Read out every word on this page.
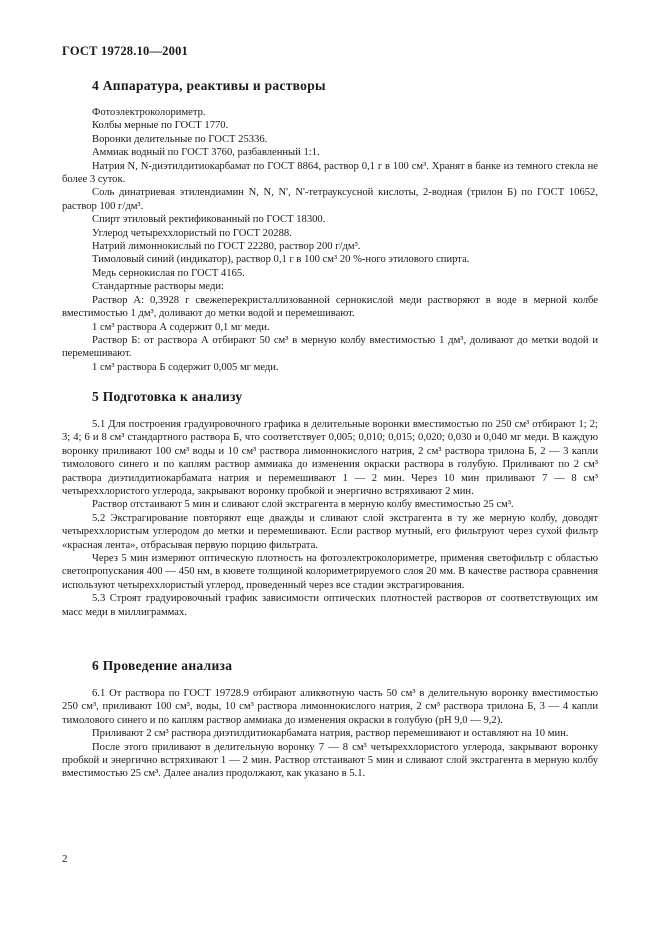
ГОСТ 19728.10—2001
4 Аппаратура, реактивы и растворы

Фотоэлектроколориметр.

Колбы мерные по ГОСТ 1770.

Воронки делительные по ГОСТ 25336.

Аммиак водный по ГОСТ 3760, разбавленный 1:1.

Натрия N, N-диэтилдитиокарбамат по ГОСТ 8864, раствор 0,1 г в 100 см³. Хранят в банке из темного стекла не более 3 суток.

Соль динатриевая этилендиамин N, N, N', N'-тетрауксусной кислоты, 2-водная (трилон Б) по ГОСТ 10652, раствор 100 г/дм³.

Спирт этиловый ректификованный по ГОСТ 18300.

Углерод четыреххлористый по ГОСТ 20288.

Натрий лимоннокислый по ГОСТ 22280, раствор 200 г/дм³.

Тимоловый синий (индикатор), раствор 0,1 г в 100 см³ 20 %-ного этилового спирта.

Медь сернокислая по ГОСТ 4165.

Стандартные растворы меди:

Раствор А: 0,3928 г свежеперекристаллизованной сернокислой меди растворяют в воде в мерной колбе вместимостью 1 дм³, доливают до метки водой и перемешивают.

1 см³ раствора А содержит 0,1 мг меди.

Раствор Б: от раствора А отбирают 50 см³ в мерную колбу вместимостью 1 дм³, доливают до метки водой и перемешивают.

1 см³ раствора Б содержит 0,005 мг меди.

5 Подготовка к анализу

5.1 Для построения градуировочного графика в делительные воронки вместимостью по 250 см³ отбирают 1; 2; 3; 4; 6 и 8 см³ стандартного раствора Б, что соответствует 0,005; 0,010; 0,015; 0,020; 0,030 и 0,040 мг меди. В каждую воронку приливают 100 см³ воды и 10 см³ раствора лимоннокислого натрия, 2 см³ раствора трилона Б, 2 — 3 капли тимолового синего и по каплям раствор аммиака до изменения окраски раствора в голубую. Приливают по 2 см³ раствора диэтилдитиокарбамата натрия и перемешивают 1 — 2 мин. Через 10 мин приливают 7 — 8 см³ четыреххлористого углерода, закрывают воронку пробкой и энергично встряхивают 2 мин.

Раствор отстаивают 5 мин и сливают слой экстрагента в мерную колбу вместимостью 25 см³.

5.2 Экстрагирование повторяют еще дважды и сливают слой экстрагента в ту же мерную колбу, доводят четыреххлористым углеродом до метки и перемешивают. Если раствор мутный, его фильтруют через сухой фильтр «красная лента», отбрасывая первую порцию фильтрата.

Через 5 мин измеряют оптическую плотность на фотоэлектроколориметре, применяя светофильтр с областью светопропускания 400 — 450 нм, в кювете толщиной колориметрируемого слоя 20 мм. В качестве раствора сравнения используют четыреххлористый углерод, проведенный через все стадии экстрагирования.

5.3 Строят градуировочный график зависимости оптических плотностей растворов от соответствующих им масс меди в миллиграммах.

6 Проведение анализа

6.1 От раствора по ГОСТ 19728.9 отбирают аликвотную часть 50 см³ в делительную воронку вместимостью 250 см³, приливают 100 см³, воды, 10 см³ раствора лимоннокислого натрия, 2 см³ раствора трилона Б, 3 — 4 капли тимолового синего и по каплям раствор аммиака до изменения окраски в голубую (pH 9,0 — 9,2).

Приливают 2 см³ раствора диэтилдитиокарбамата натрия, раствор перемешивают и оставляют на 10 мин.

После этого приливают в делительную воронку 7 — 8 см³ четыреххлористого углерода, закрывают воронку пробкой и энергично встряхивают 1 — 2 мин. Раствор отстаивают 5 мин и сливают слой экстрагента в мерную колбу вместимостью 25 см³. Далее анализ продолжают, как указано в 5.1.

2
